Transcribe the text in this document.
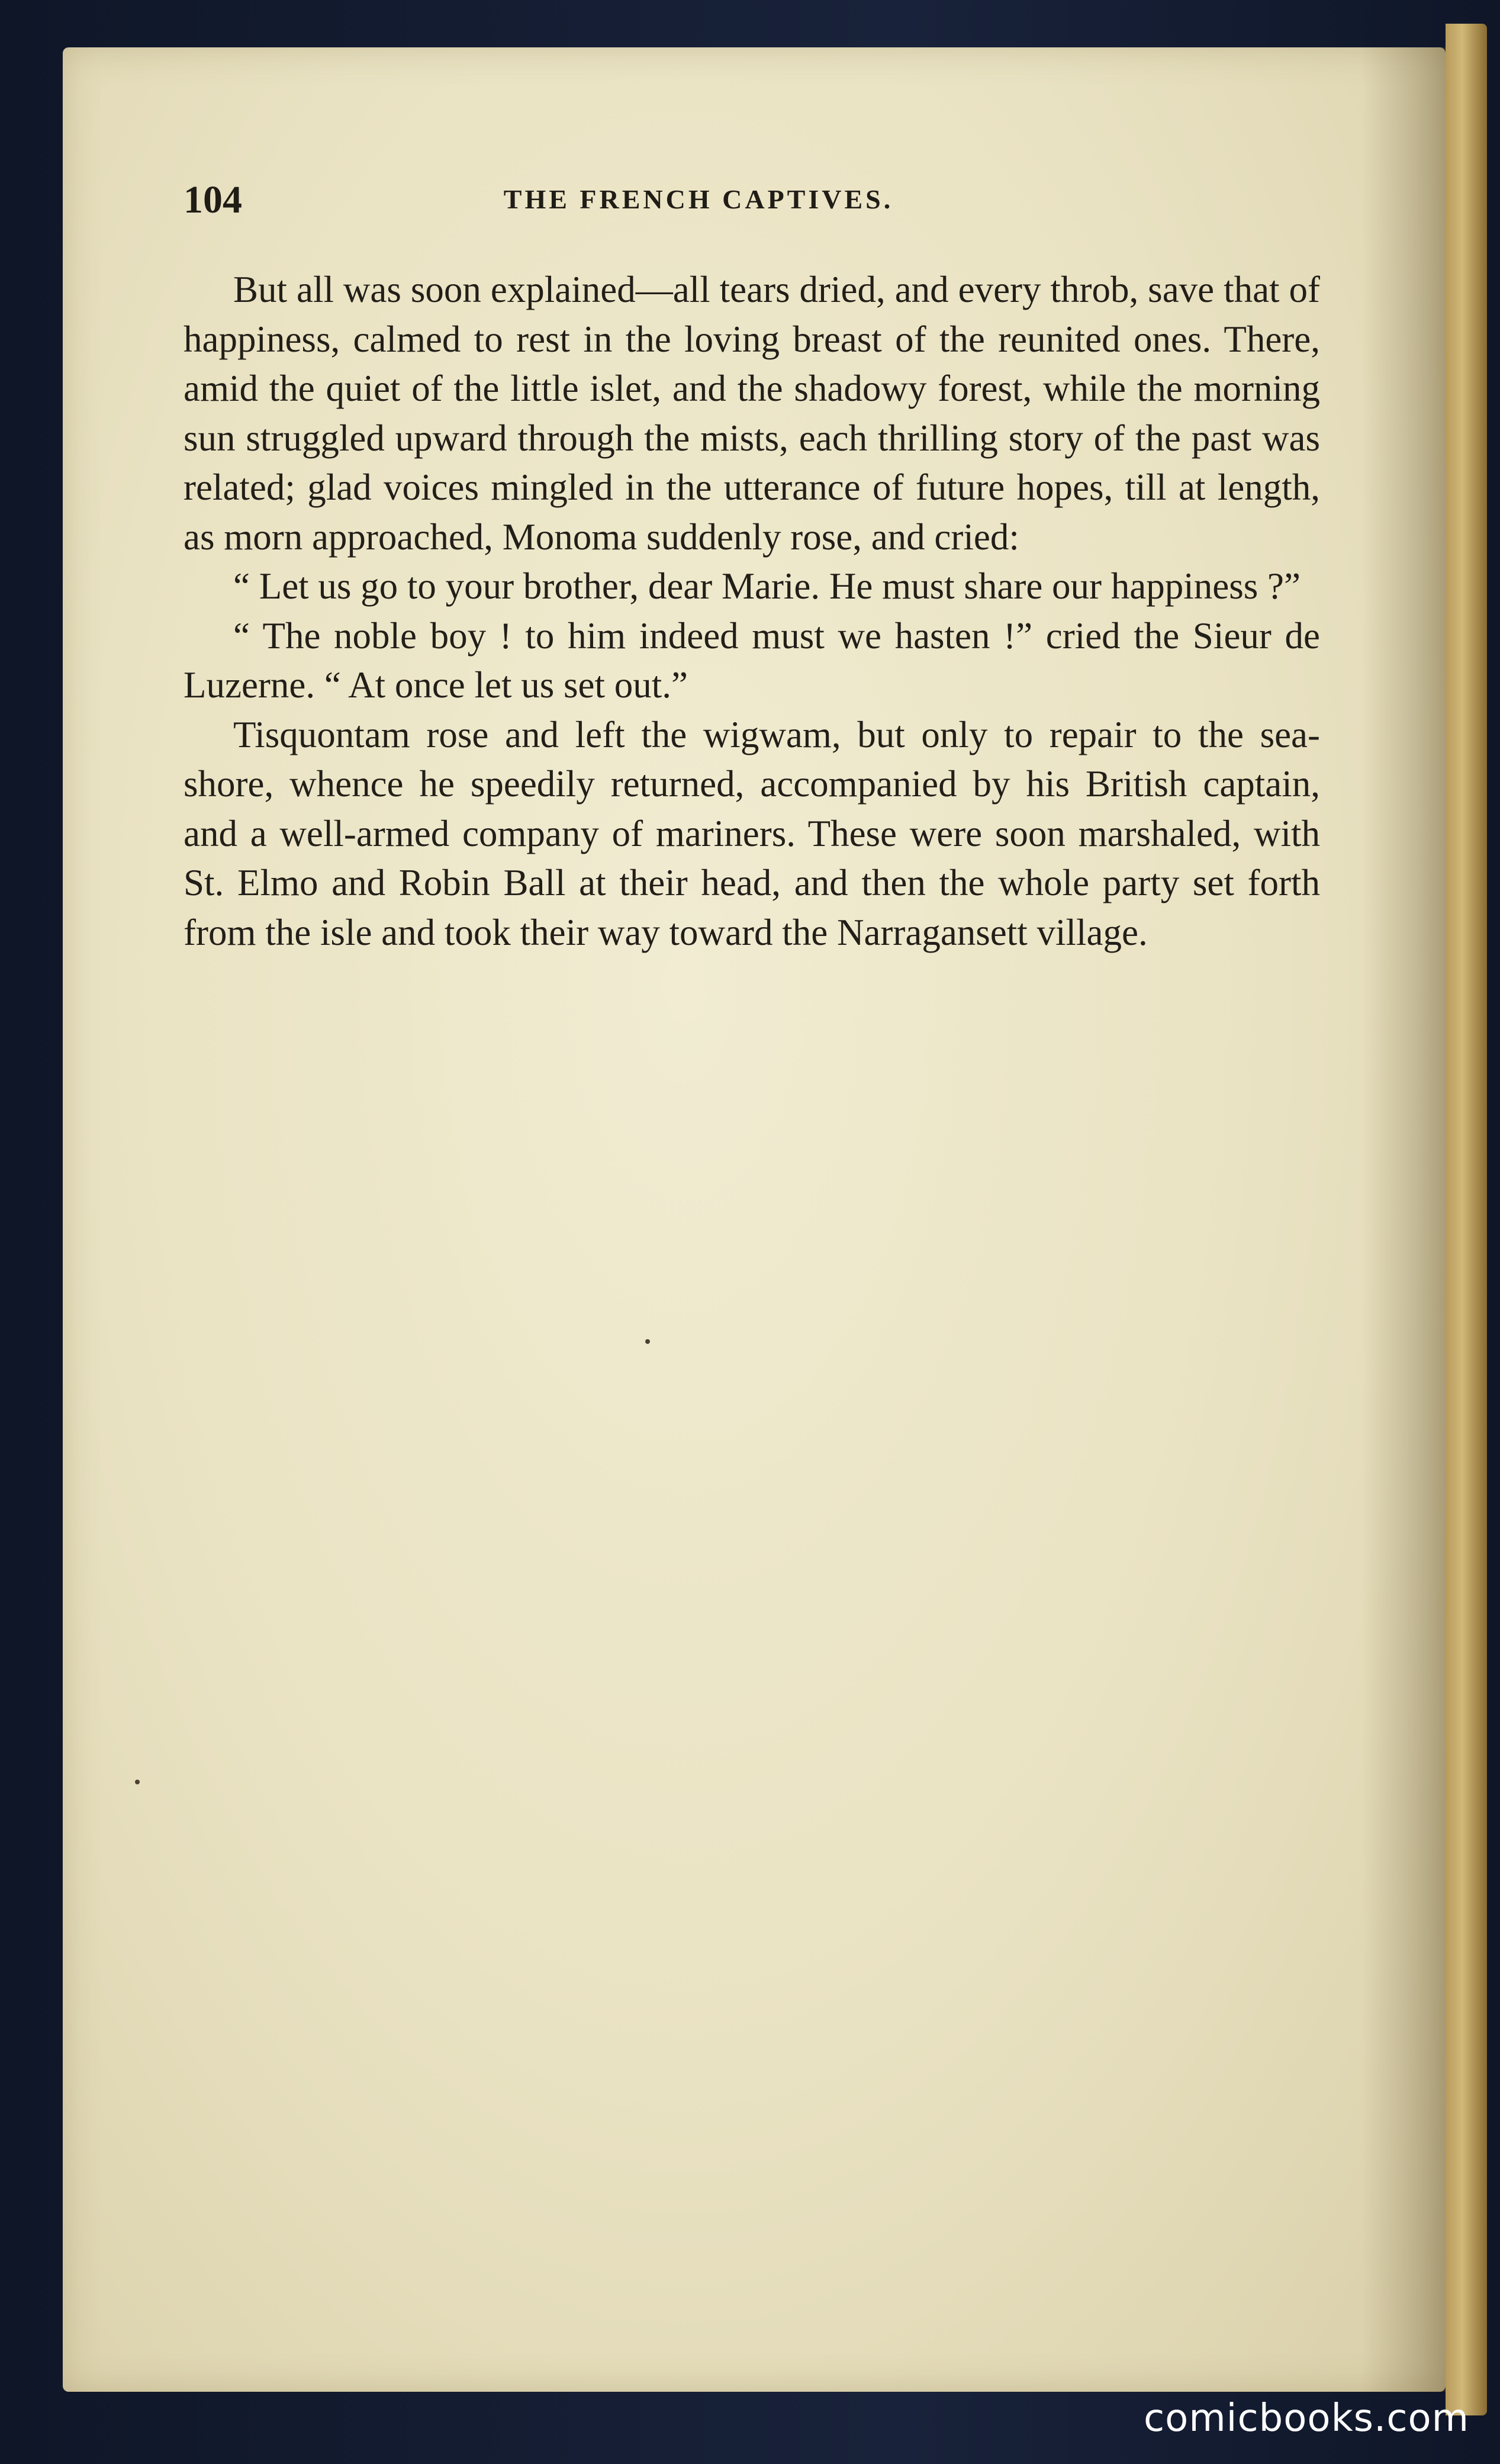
104	THE FRENCH CAPTIVES.

But all was soon explained—all tears dried, and every throb, save that of happiness, calmed to rest in the loving breast of the reunited ones. There, amid the quiet of the little islet, and the shadowy forest, while the morning sun struggled upward through the mists, each thrilling story of the past was related; glad voices mingled in the utterance of future hopes, till at length, as morn approached, Monoma suddenly rose, and cried:

“ Let us go to your brother, dear Marie. He must share our happiness ?”

“ The noble boy ! to him indeed must we hasten !” cried the Sieur de Luzerne. “ At once let us set out.”

Tisquontam rose and left the wigwam, but only to repair to the sea-shore, whence he speedily returned, accompanied by his British captain, and a well-armed company of mariners. These were soon marshaled, with St. Elmo and Robin Ball at their head, and then the whole party set forth from the isle and took their way toward the Narragansett village.

comicbooks.com
